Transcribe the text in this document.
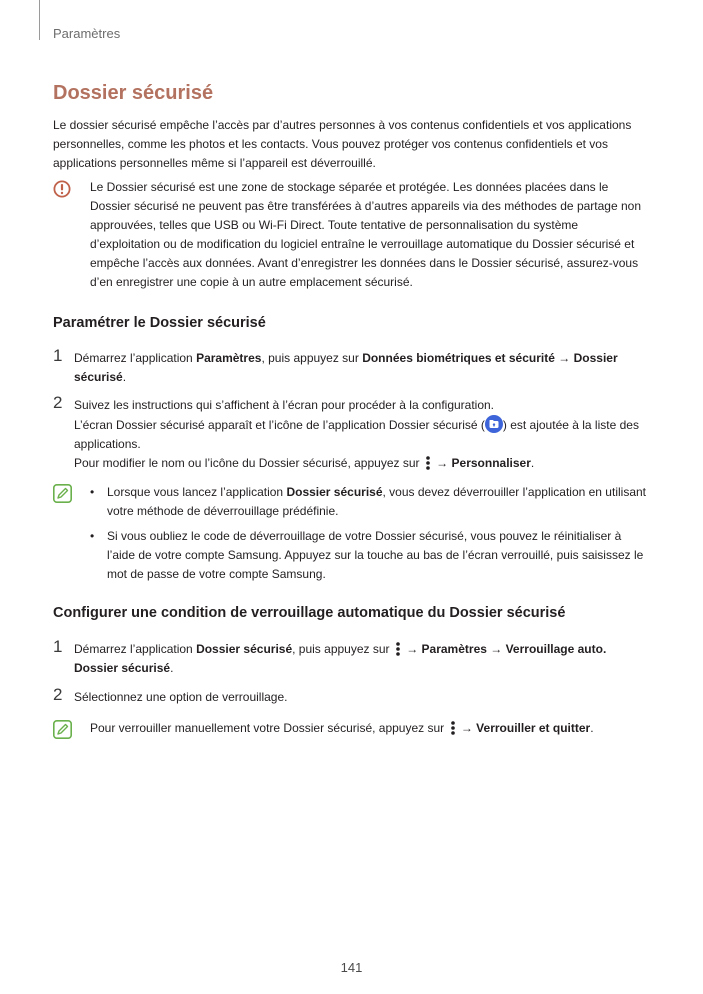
Paramètres
Dossier sécurisé

Le dossier sécurisé empêche l’accès par d’autres personnes à vos contenus confidentiels et vos applications personnelles, comme les photos et les contacts. Vous pouvez protéger vos contenus confidentiels et vos applications personnelles même si l’appareil est déverrouillé.

Le Dossier sécurisé est une zone de stockage séparée et protégée. Les données placées dans le Dossier sécurisé ne peuvent pas être transférées à d’autres appareils via des méthodes de partage non approuvées, telles que USB ou Wi-Fi Direct. Toute tentative de personnalisation du système d’exploitation ou de modification du logiciel entraîne le verrouillage automatique du Dossier sécurisé et empêche l’accès aux données. Avant d’enregistrer les données dans le Dossier sécurisé, assurez-vous d’en enregistrer une copie à un autre emplacement sécurisé.

Paramétrer le Dossier sécurisé
1 Démarrez l’application Paramètres, puis appuyez sur Données biométriques et sécurité → Dossier sécurisé.

2 Suivez les instructions qui s’affichent à l’écran pour procéder à la configuration.

L’écran Dossier sécurisé apparaît et l’icône de l’application Dossier sécurisé ( ) est ajoutée à la liste des applications.

Pour modifier le nom ou l’icône du Dossier sécurisé, appuyez sur  → Personnaliser.

• Lorsque vous lancez l’application Dossier sécurisé, vous devez déverrouiller l’application en utilisant votre méthode de déverrouillage prédéfinie.
• Si vous oubliez le code de déverrouillage de votre Dossier sécurisé, vous pouvez le réinitialiser à l’aide de votre compte Samsung. Appuyez sur la touche au bas de l’écran verrouillé, puis saisissez le mot de passe de votre compte Samsung.
Configurer une condition de verrouillage automatique du Dossier sécurisé
1 Démarrez l’application Dossier sécurisé, puis appuyez sur  → Paramètres → Verrouillage auto. Dossier sécurisé.

2 Sélectionnez une option de verrouillage.

Pour verrouiller manuellement votre Dossier sécurisé, appuyez sur  → Verrouiller et quitter.

141
